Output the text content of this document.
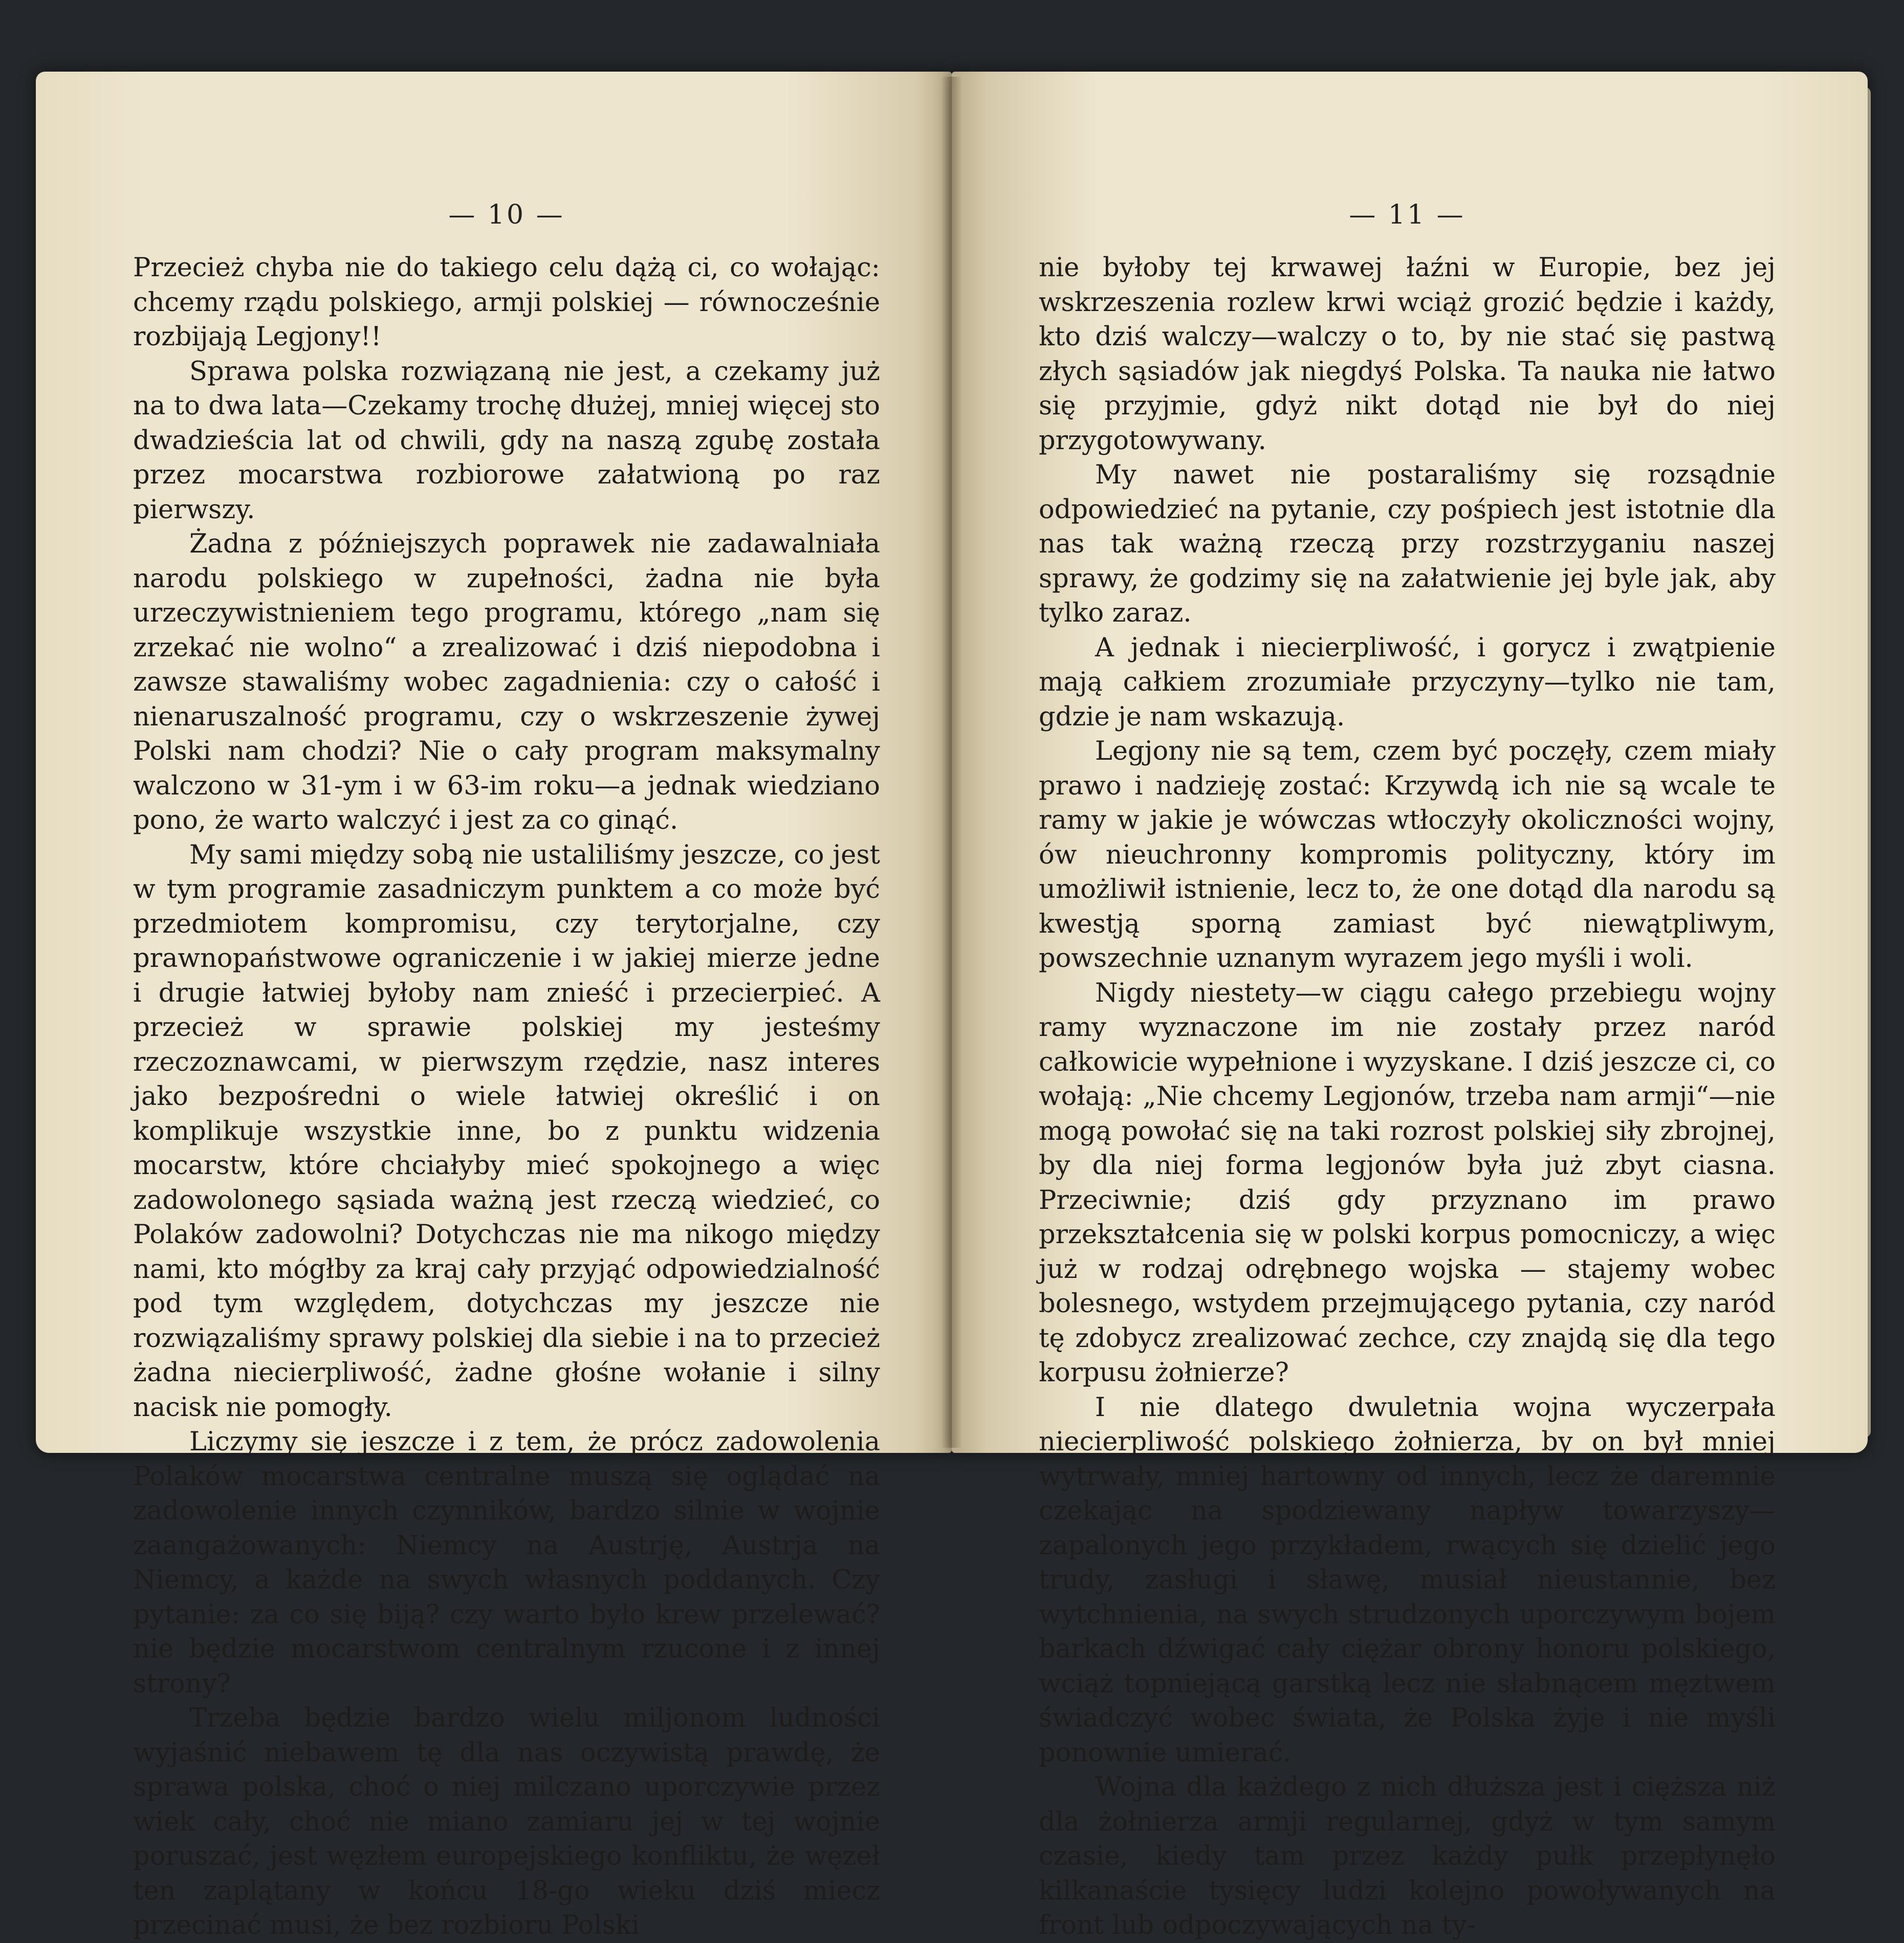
— 10 —

Przecież chyba nie do takiego celu dążą ci, co wołając: chcemy rządu polskiego, armji polskiej — równocześnie rozbijają Legjony!!

Sprawa polska rozwiązaną nie jest, a czekamy już na to dwa lata—Czekamy trochę dłużej, mniej więcej sto dwadzieścia lat od chwili, gdy na naszą zgubę została przez mocarstwa rozbiorowe załatwioną po raz pierwszy.

Żadna z późniejszych poprawek nie zadawalniała narodu polskiego w zupełności, żadna nie była urzeczywistnieniem tego programu, którego „nam się zrzekać nie wolno“ a zrealizować i dziś niepodobna i zawsze stawaliśmy wobec zagadnienia: czy o całość i nienaruszalność programu, czy o wskrzeszenie żywej Polski nam chodzi? Nie o cały program maksymalny walczono w 31-ym i w 63-im roku—a jednak wiedziano pono, że warto walczyć i jest za co ginąć.

My sami między sobą nie ustaliliśmy jeszcze, co jest w tym programie zasadniczym punktem a co może być przedmiotem kompromisu, czy terytorjalne, czy prawnopaństwowe ograniczenie i w jakiej mierze jedne i drugie łatwiej byłoby nam znieść i przecierpieć. A przecież w sprawie polskiej my jesteśmy rzeczoznawcami, w pierwszym rzędzie, nasz interes jako bezpośredni o wiele łatwiej określić i on komplikuje wszystkie inne, bo z punktu widzenia mocarstw, które chciałyby mieć spokojnego a więc zadowolonego sąsiada ważną jest rzeczą wiedzieć, co Polaków zadowolni? Dotychczas nie ma nikogo między nami, kto mógłby za kraj cały przyjąć odpowiedzialność pod tym względem, dotychczas my jeszcze nie rozwiązaliśmy sprawy polskiej dla siebie i na to przecież żadna niecierpliwość, żadne głośne wołanie i silny nacisk nie pomogły.

Liczymy się jeszcze i z tem, że prócz zadowolenia Polaków mocarstwa centralne muszą się oglądać na zadowolenie innych czynników, bardzo silnie w wojnie zaangażowanych: Niemcy na Austrję, Austrja na Niemcy, a każde na swych własnych poddanych. Czy pytanie: za co się biją? czy warto było krew przelewać? nie będzie mocarstwom centralnym rzucone i z innej strony?

Trzeba będzie bardzo wielu miljonom ludności wyjaśnić niebawem tę dla nas oczywistą prawdę, że sprawa polska, choć o niej milczano uporczywie przez wiek cały, choć nie miano zamiaru jej w tej wojnie poruszać, jest węzłem europejskiego konfliktu, że węzeł ten zaplątany w końcu 18-go wieku dziś miecz przecinać musi, że bez rozbioru Polski

— 11 —

nie byłoby tej krwawej łaźni w Europie, bez jej wskrzeszenia rozlew krwi wciąż grozić będzie i każdy, kto dziś walczy—walczy o to, by nie stać się pastwą złych sąsiadów jak niegdyś Polska. Ta nauka nie łatwo się przyjmie, gdyż nikt dotąd nie był do niej przygotowywany.

My nawet nie postaraliśmy się rozsądnie odpowiedzieć na pytanie, czy pośpiech jest istotnie dla nas tak ważną rzeczą przy rozstrzyganiu naszej sprawy, że godzimy się na załatwienie jej byle jak, aby tylko zaraz.

A jednak i niecierpliwość, i gorycz i zwątpienie mają całkiem zrozumiałe przyczyny—tylko nie tam, gdzie je nam wskazują.

Legjony nie są tem, czem być poczęły, czem miały prawo i nadzieję zostać: Krzywdą ich nie są wcale te ramy w jakie je wówczas wtłoczyły okoliczności wojny, ów nieuchronny kompromis polityczny, który im umożliwił istnienie, lecz to, że one dotąd dla narodu są kwestją sporną zamiast być niewątpliwym, powszechnie uznanym wyrazem jego myśli i woli.

Nigdy niestety—w ciągu całego przebiegu wojny ramy wyznaczone im nie zostały przez naród całkowicie wypełnione i wyzyskane. I dziś jeszcze ci, co wołają: „Nie chcemy Legjonów, trzeba nam armji“—nie mogą powołać się na taki rozrost polskiej siły zbrojnej, by dla niej forma legjonów była już zbyt ciasna. Przeciwnie; dziś gdy przyznano im prawo przekształcenia się w polski korpus pomocniczy, a więc już w rodzaj odrębnego wojska — stajemy wobec bolesnego, wstydem przejmującego pytania, czy naród tę zdobycz zrealizować zechce, czy znajdą się dla tego korpusu żołnierze?

I nie dlatego dwuletnia wojna wyczerpała niecierpliwość polskiego żołnierza, by on był mniej wytrwały, mniej hartowny od innych, lecz że daremnie czekając na spodziewany napływ towarzyszy—zapalonych jego przykładem, rwących się dzielić jego trudy, zasługi i sławę, musiał nieustannie, bez wytchnienia, na swych strudzonych uporczywym bojem barkach dźwigać cały ciężar obrony honoru polskiego, wciąż topniejącą garstką lecz nie słabnącem męztwem świadczyć wobec świata, że Polska żyje i nie myśli ponownie umierać.

Wojna dla każdego z nich dłuższa jest i cięższa niż dla żołnierza armji regularnej, gdyż w tym samym czasie, kiedy tam przez każdy pułk przepłynęło kilkanaście tysięcy ludzi kolejno powoływanych na front lub odpoczywających na ty-
